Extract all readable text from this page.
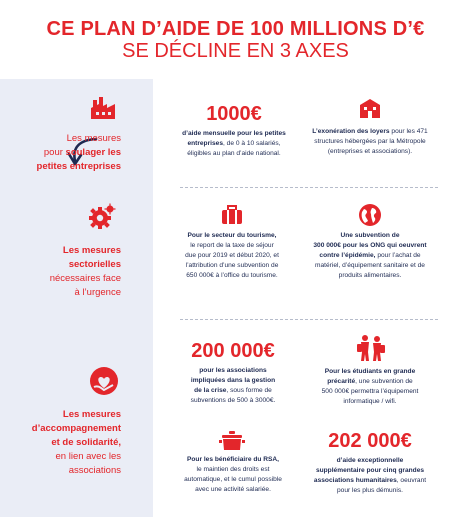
CE PLAN D’AIDE DE 100 MILLIONS D’€
SE DÉCLINE EN 3 AXES
Les mesures
pour soulager les
petites entreprises
Les mesures
sectorielles
nécessaires face
à l’urgence
Les mesures
d’accompagnement
et de solidarité,
en lien avec les
associations
1000€
d’aide mensuelle pour les petites
entreprises, de 0 à 10 salariés,
éligibles au plan d’aide national.
L’exonération des loyers pour les 471
structures hébergées par la Métropole
(entreprises et associations).
Pour le secteur du tourisme,
le report de la taxe de séjour
due pour 2019 et début 2020, et
l’attribution d’une subvention de
650 000€ à l’office du tourisme.
Une subvention de
300 000€ pour les ONG qui oeuvrent
contre l’épidémie, pour l’achat de
matériel, d’équipement sanitaire et de
produits alimentaires.
200 000€
pour les associations
impliquées dans la gestion
de la crise, sous forme de
subventions de 500 à 3000€.
Pour les étudiants en grande
précarité, une subvention de
500 000€ permettra l’équipement
informatique / wifi.
Pour les bénéficiaire du RSA,
le maintien des droits est
automatique, et le cumul possible
avec une activité salariée.
202 000€
d’aide exceptionnelle
supplémentaire pour cinq grandes
associations humanitaires, oeuvrant
pour les plus démunis.
